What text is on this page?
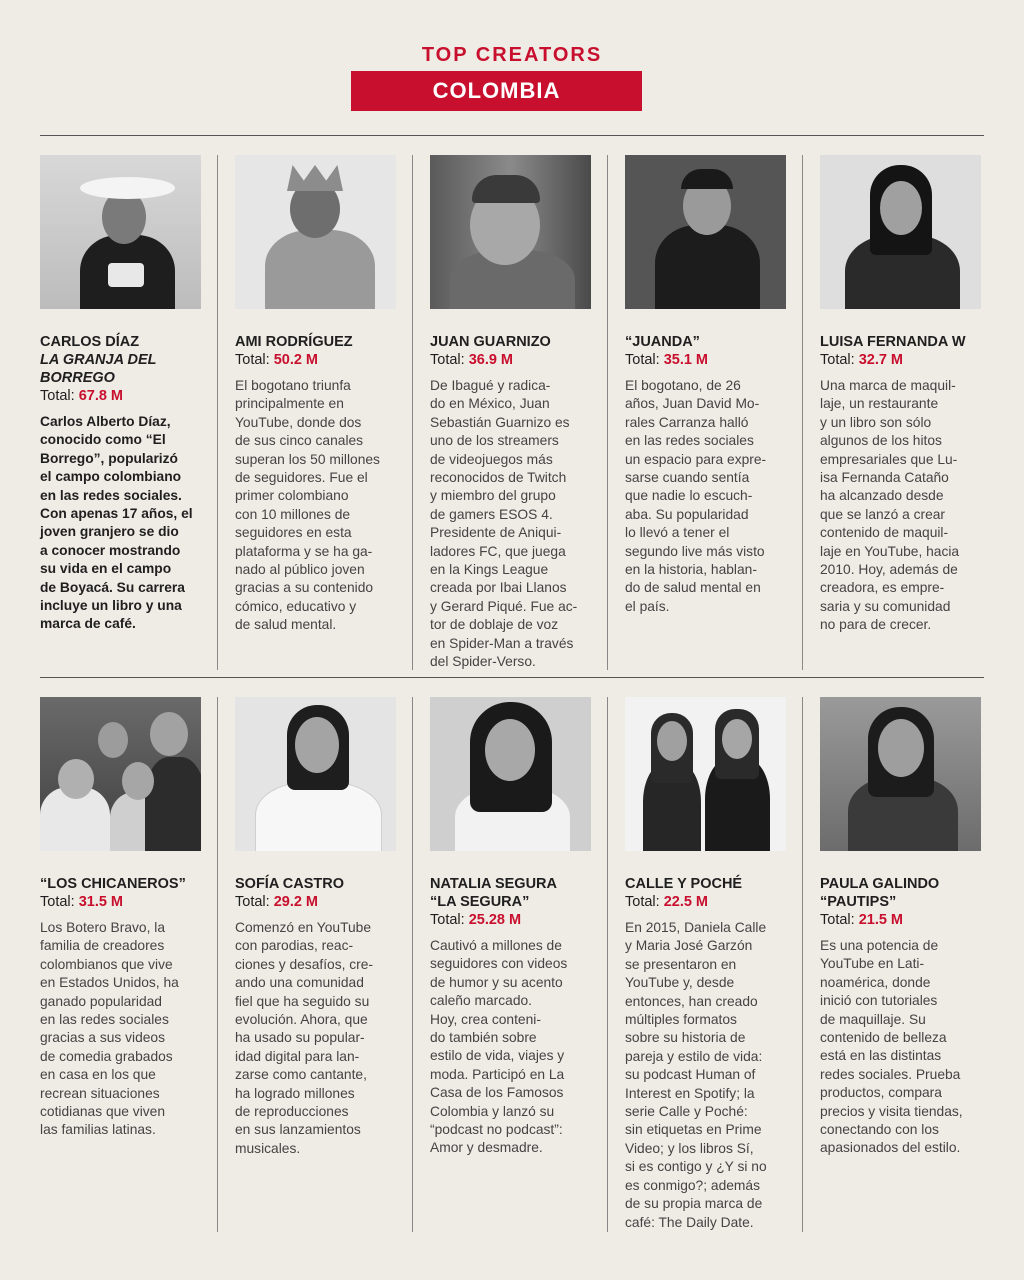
TOP CREATORS
COLOMBIA
CARLOS DÍAZ
LA GRANJA DEL
BORREGO
Total: 67.8 M
Carlos Alberto Díaz,
conocido como “El
Borrego”, popularizó
el campo colombiano
en las redes sociales.
Con apenas 17 años, el
joven granjero se dio
a conocer mostrando
su vida en el campo
de Boyacá. Su carrera
incluye un libro y una
marca de café.
AMI RODRÍGUEZ
Total: 50.2 M
El bogotano triunfa
principalmente en
YouTube, donde dos
de sus cinco canales
superan los 50 millones
de seguidores. Fue el
primer colombiano
con 10 millones de
seguidores en esta
plataforma y se ha ga-
nado al público joven
gracias a su contenido
cómico, educativo y
de salud mental.
JUAN GUARNIZO
Total: 36.9 M
De Ibagué y radica-
do en México, Juan
Sebastián Guarnizo es
uno de los streamers
de videojuegos más
reconocidos de Twitch
y miembro del grupo
de gamers ESOS 4.
Presidente de Aniqui-
ladores FC, que juega
en la Kings League
creada por Ibai Llanos
y Gerard Piqué. Fue ac-
tor de doblaje de voz
en Spider-Man a través
del Spider-Verso.
“JUANDA”
Total: 35.1 M
El bogotano, de 26
años, Juan David Mo-
rales Carranza halló
en las redes sociales
un espacio para expre-
sarse cuando sentía
que nadie lo escuch-
aba. Su popularidad
lo llevó a tener el
segundo live más visto
en la historia, hablan-
do de salud mental en
el país.
LUISA FERNANDA W
Total: 32.7 M
Una marca de maquil-
laje, un restaurante
y un libro son sólo
algunos de los hitos
empresariales que Lu-
isa Fernanda Cataño
ha alcanzado desde
que se lanzó a crear
contenido de maquil-
laje en YouTube, hacia
2010. Hoy, además de
creadora, es empre-
saria y su comunidad
no para de crecer.
“LOS CHICANEROS”
Total: 31.5 M
Los Botero Bravo, la
familia de creadores
colombianos que vive
en Estados Unidos, ha
ganado popularidad
en las redes sociales
gracias a sus videos
de comedia grabados
en casa en los que
recrean situaciones
cotidianas que viven
las familias latinas.
SOFÍA CASTRO
Total: 29.2 M
Comenzó en YouTube
con parodias, reac-
ciones y desafíos, cre-
ando una comunidad
fiel que ha seguido su
evolución. Ahora, que
ha usado su popular-
idad digital para lan-
zarse como cantante,
ha logrado millones
de reproducciones
en sus lanzamientos
musicales.
NATALIA SEGURA
“LA SEGURA”
Total: 25.28 M
Cautivó a millones de
seguidores con videos
de humor y su acento
caleño marcado.
Hoy, crea conteni-
do también sobre
estilo de vida, viajes y
moda. Participó en La
Casa de los Famosos
Colombia y lanzó su
“podcast no podcast”:
Amor y desmadre.
CALLE Y POCHÉ
Total: 22.5 M
En 2015, Daniela Calle
y Maria José Garzón
se presentaron en
YouTube y, desde
entonces, han creado
múltiples formatos
sobre su historia de
pareja y estilo de vida:
su podcast Human of
Interest en Spotify; la
serie Calle y Poché:
sin etiquetas en Prime
Video; y los libros Sí,
si es contigo y ¿Y si no
es conmigo?; además
de su propia marca de
café: The Daily Date.
PAULA GALINDO
“PAUTIPS”
Total: 21.5 M
Es una potencia de
YouTube en Lati-
noamérica, donde
inició con tutoriales
de maquillaje. Su
contenido de belleza
está en las distintas
redes sociales. Prueba
productos, compara
precios y visita tiendas,
conectando con los
apasionados del estilo.
